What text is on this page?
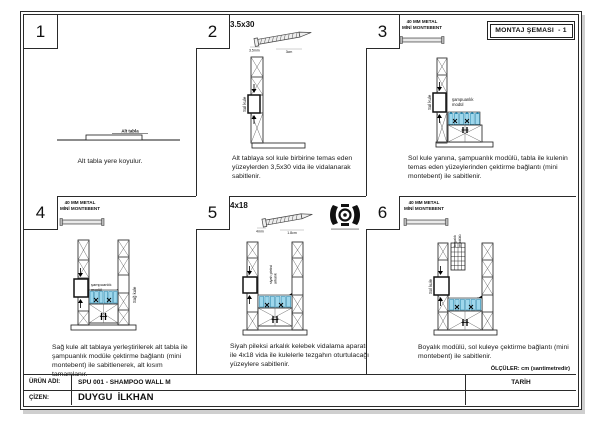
1	2	3
4	5	6
MONTAJ ŞEMASI  - 1
Alt tabla
Alt tabla yere koyulur.
3.5x30
3.5mm	3cm
Sol kule
Alt tablaya sol kule birbirine temas eden yüzeylerden 3,5x30 vida ile vidalanarak sabitlenir.
40 MM METAL
MİNİ MONTEBENT
Sol kule	şampuanlık
modül
Sol kule yanına, şampuanlık modülü, tabla ile kulenin temas eden yüzeylerinden çektirme bağlantı (mini montebent) ile sabitlenir.
40 MM METAL
MİNİ MONTEBENT
şampuanlık
modül	Sağ kule
Sağ kule alt tablaya yerleştirilerek alt tabla ile şampuanlık modüle çektirme bağlantı (mini montebent) ile sabitlenerek, alt kısım tamamlanır.
4x18
4mm	1.8cm
siyah pleksi arkalık
Siyah pileksi arkalık kelebek vidalama aparatı ile 4x18 vida ile kulelerle tezgahın oturtulacağı yüzeylere sabitlenir.
40 MM METAL
MİNİ MONTEBENT
boyalık modülü
Sol kule
Boyalık modülü, sol kuleye çektirme bağlantı (mini montebent) ile sabitlenir.
ÖLÇÜLER: cm (santimetredir)
ÜRÜN ADI:	SPU 001 - SHAMPOO WALL M	TARİH
ÇİZEN:	DUYGU  İLKHAN
